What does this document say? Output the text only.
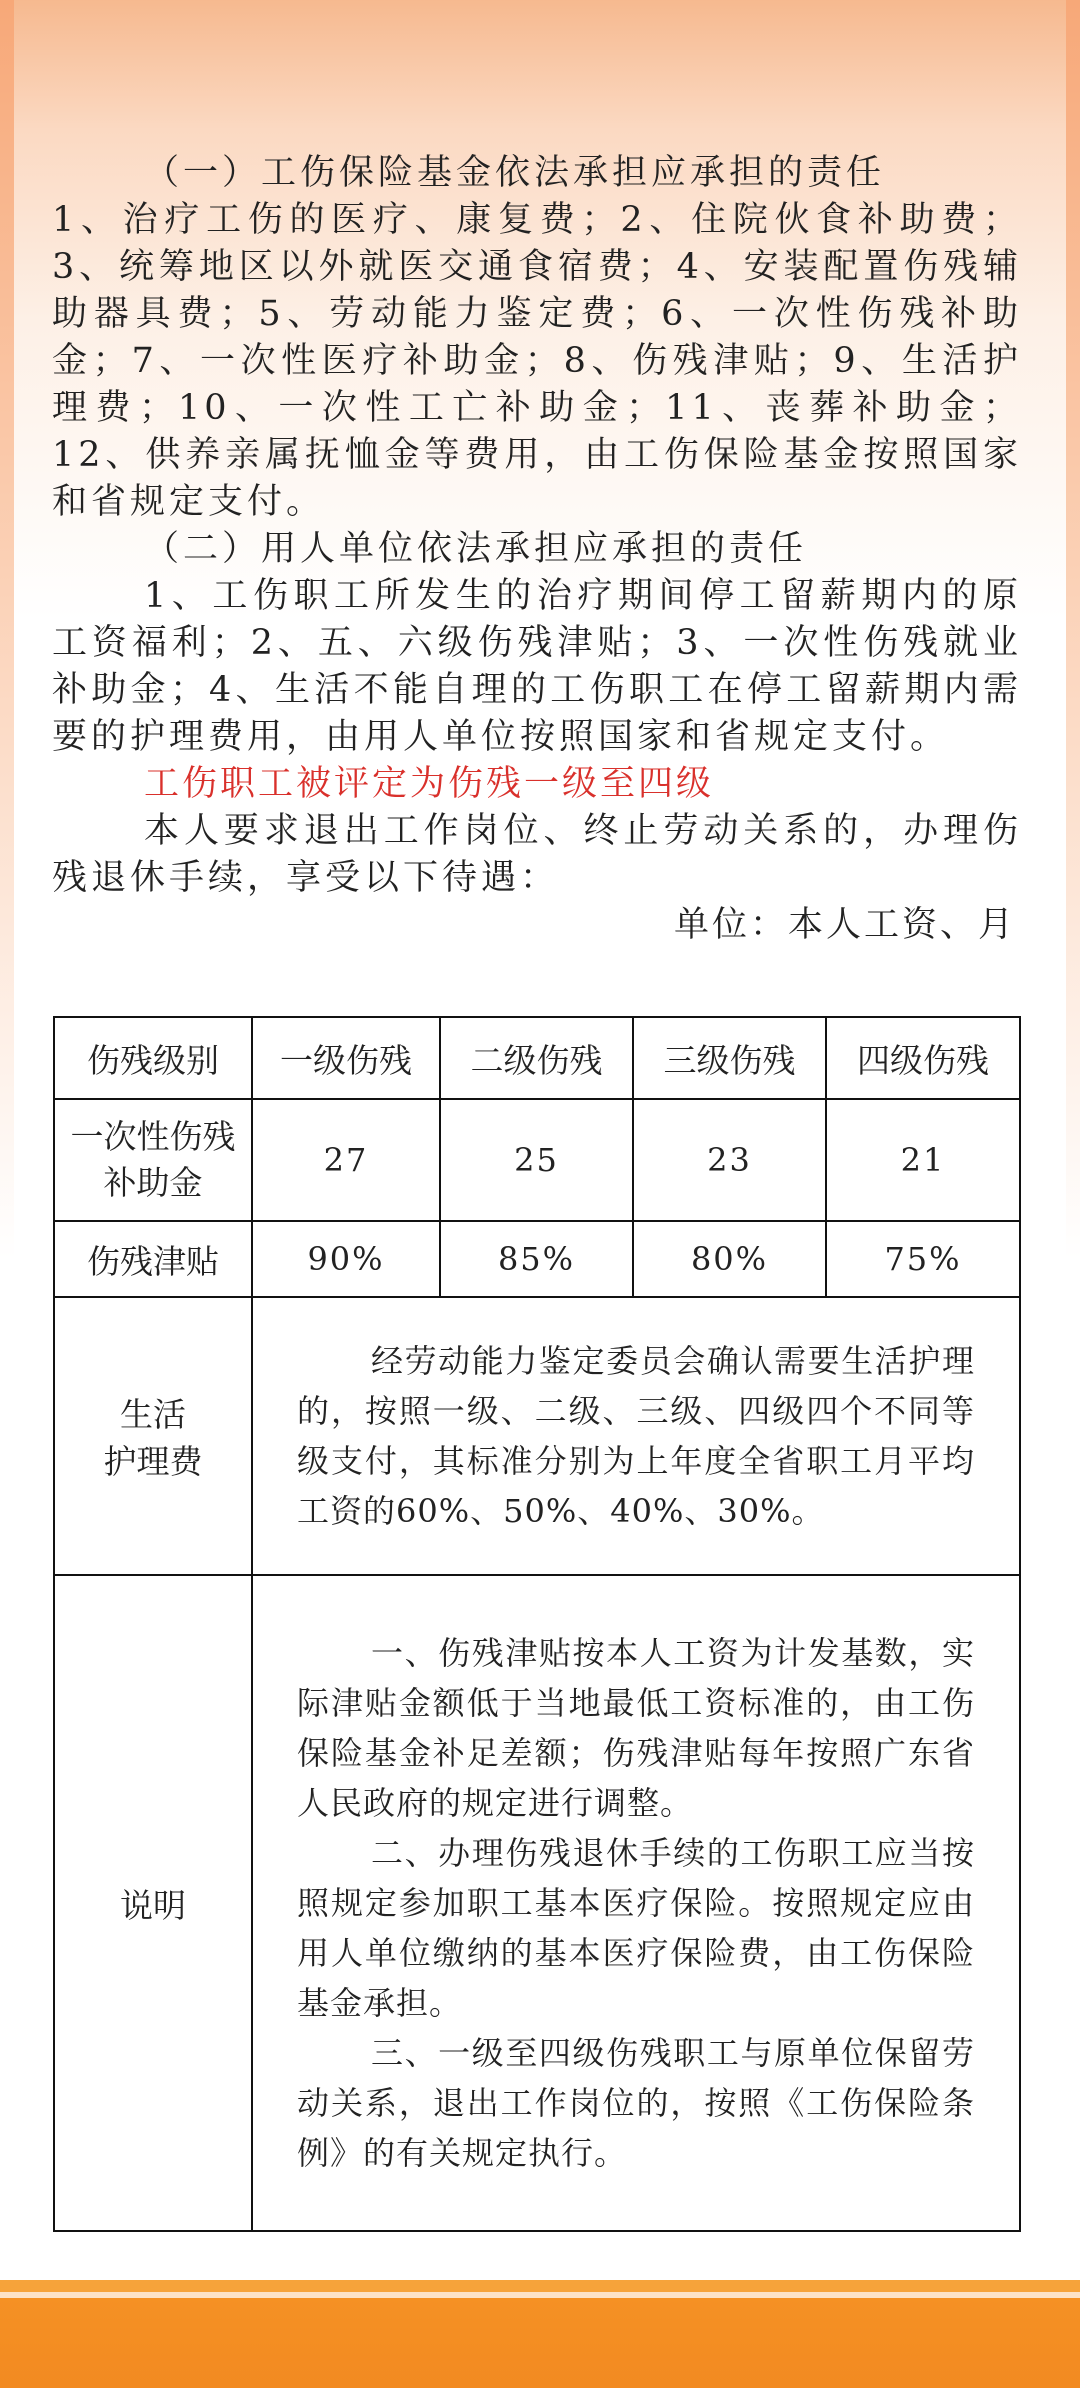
（一）工伤保险基金依法承担应承担的责任

1、治疗工伤的医疗、康复费；2、住院伙食补助费；3、统筹地区以外就医交通食宿费；4、安装配置伤残辅助器具费；5、劳动能力鉴定费；6、一次性伤残补助金；7、一次性医疗补助金；8、伤残津贴；9、生活护理费；10、一次性工亡补助金；11、丧葬补助金；12、供养亲属抚恤金等费用，由工伤保险基金按照国家和省规定支付。

（二）用人单位依法承担应承担的责任

1、工伤职工所发生的治疗期间停工留薪期内的原工资福利；2、五、六级伤残津贴；3、一次性伤残就业补助金；4、生活不能自理的工伤职工在停工留薪期内需要的护理费用，由用人单位按照国家和省规定支付。

工伤职工被评定为伤残一级至四级

本人要求退出工作岗位、终止劳动关系的，办理伤残退休手续，享受以下待遇：

单位：本人工资、月

伤残级别	一级伤残	二级伤残	三级伤残	四级伤残

一次性伤残
补助金	27	25	23	21
伤残津贴	90%	85%	80%	75%

生活
护理费	经劳动能力鉴定委员会确认需要生活护理的，按照一级、二级、三级、四级四个不同等级支付，其标准分别为上年度全省职工月平均工资的60%、50%、40%、30%。			

说明	一、伤残津贴按本人工资为计发基数，实际津贴金额低于当地最低工资标准的，由工伤保险基金补足差额；伤残津贴每年按照广东省人民政府的规定进行调整。

二、办理伤残退休手续的工伤职工应当按照规定参加职工基本医疗保险。按照规定应由用人单位缴纳的基本医疗保险费，由工伤保险基金承担。

三、一级至四级伤残职工与原单位保留劳动关系，退出工作岗位的，按照《工伤保险条例》的有关规定执行。			
